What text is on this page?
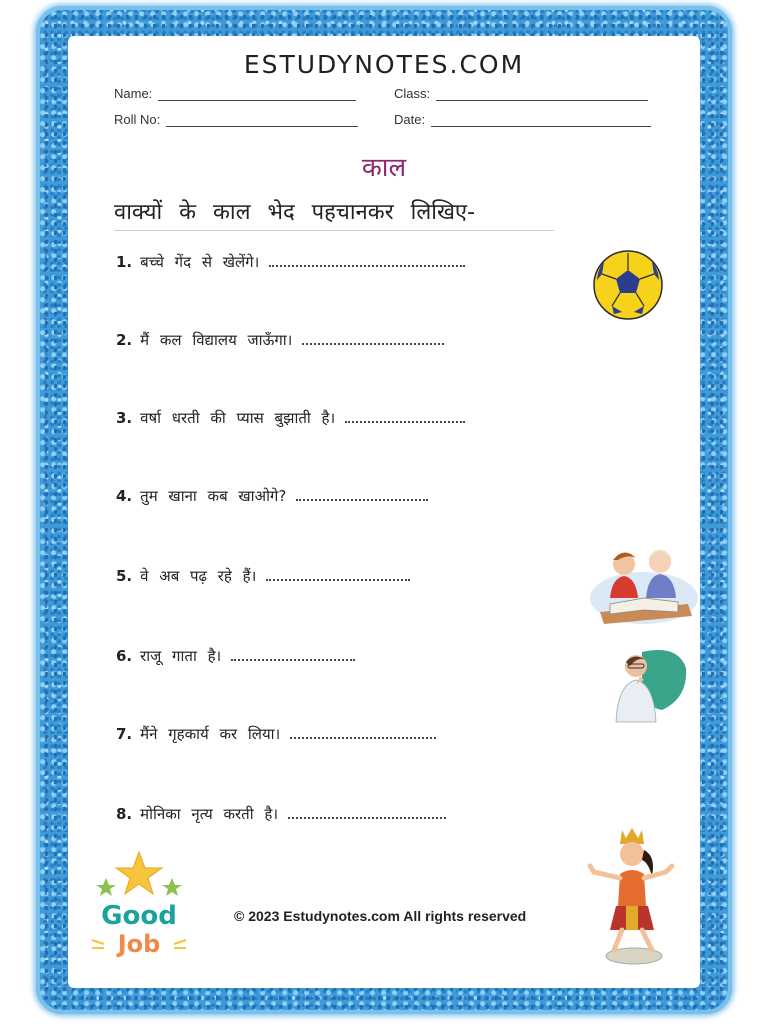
ESTUDYNOTES.COM
Name:	Class:
Roll No:	Date:
काल
वाक्यों के काल भेद पहचानकर लिखिए-
1. बच्चे गेंद से खेलेंगे।
2. मैं कल विद्यालय जाऊँगा।
3. वर्षा धरती की प्यास बुझाती है।
4. तुम खाना कब खाओगे?
5. वे अब पढ़ रहे हैं।
6. राजू गाता है।
7. मैंने गृहकार्य कर लिया।
8. मोनिका नृत्य करती है।
Good
Job
© 2023 Estudynotes.com All rights reserved
